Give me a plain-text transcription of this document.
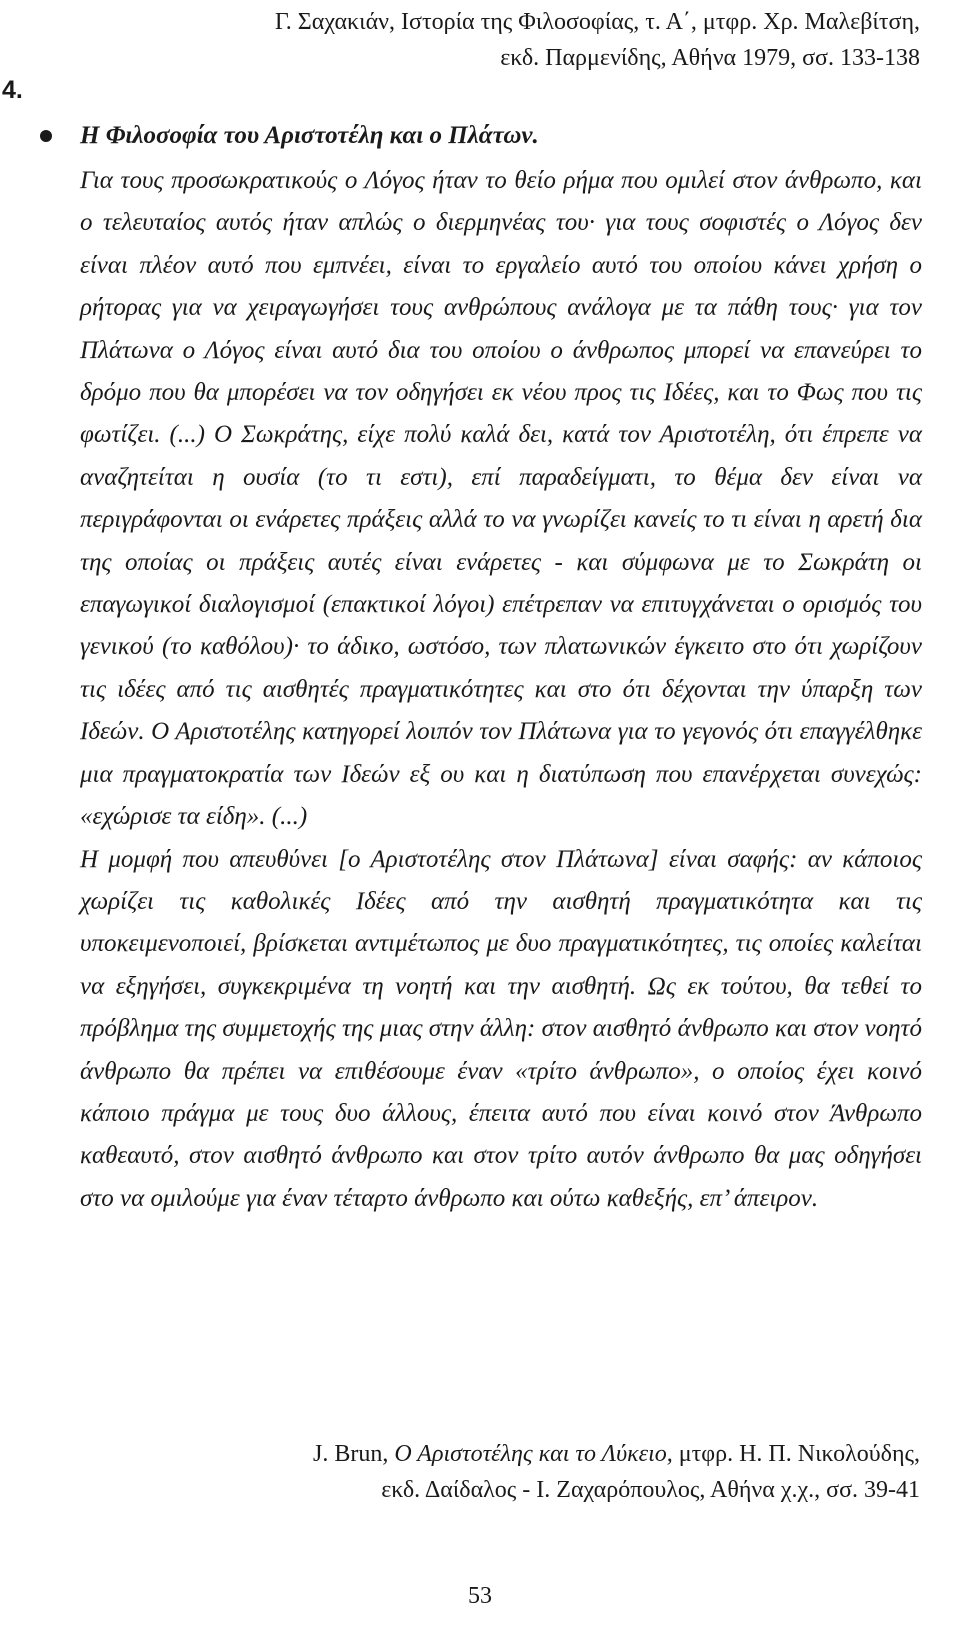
Γ. Σαχακιάν, Ιστορία της Φιλοσοφίας, τ. Α΄, μτφρ. Χρ. Μαλεβίτση,
εκδ. Παρμενίδης, Αθήνα 1979, σσ. 133-138
4.
Η Φιλοσοφία του Αριστοτέλη και ο Πλάτων.

Για τους προσωκρατικούς ο Λόγος ήταν το θείο ρήμα που ομιλεί στον άνθρωπο, και ο τελευταίος αυτός ήταν απλώς ο διερμηνέας του· για τους σοφιστές ο Λόγος δεν είναι πλέον αυτό που εμπνέει, είναι το εργαλείο αυτό του οποίου κάνει χρήση ο ρήτορας για να χειραγωγήσει τους ανθρώπους ανάλογα με τα πάθη τους· για τον Πλάτωνα ο Λόγος είναι αυτό δια του οποίου ο άνθρωπος μπορεί να επανεύρει το δρόμο που θα μπορέσει να τον οδηγήσει εκ νέου προς τις Ιδέες, και το Φως που τις φωτίζει. (...) Ο Σωκράτης, είχε πολύ καλά δει, κατά τον Αριστοτέλη, ότι έπρεπε να αναζητείται η ουσία (το τι εστι), επί παραδείγματι, το θέμα δεν είναι να περιγράφονται οι ενάρετες πράξεις αλλά το να γνωρίζει κανείς το τι είναι η αρετή δια της οποίας οι πράξεις αυτές είναι ενάρετες - και σύμφωνα με το Σωκράτη οι επαγωγικοί διαλογισμοί (επακτικοί λόγοι) επέτρεπαν να επιτυγχάνεται ο ορισμός του γενικού (το καθόλου)· το άδικο, ωστόσο, των πλατωνικών έγκειτο στο ότι χωρίζουν τις ιδέες από τις αισθητές πραγματικότητες και στο ότι δέχονται την ύπαρξη των Ιδεών. Ο Αριστοτέλης κατηγορεί λοιπόν τον Πλάτωνα για το γεγονός ότι επαγγέλθηκε μια πραγματοκρατία των Ιδεών εξ ου και η διατύπωση που επανέρχεται συνεχώς: «εχώρισε τα είδη». (...)

Η μομφή που απευθύνει [ο Αριστοτέλης στον Πλάτωνα] είναι σαφής: αν κάποιος χωρίζει τις καθολικές Ιδέες από την αισθητή πραγματικότητα και τις υποκειμενοποιεί, βρίσκεται αντιμέτωπος με δυο πραγματικότητες, τις οποίες καλείται να εξηγήσει, συγκεκριμένα τη νοητή και την αισθητή. Ως εκ τούτου, θα τεθεί το πρόβλημα της συμμετοχής της μιας στην άλλη: στον αισθητό άνθρωπο και στον νοητό άνθρωπο θα πρέπει να επιθέσουμε έναν «τρίτο άνθρωπο», ο οποίος έχει κοινό κάποιο πράγμα με τους δυο άλλους, έπειτα αυτό που είναι κοινό στον Άνθρωπο καθεαυτό, στον αισθητό άνθρωπο και στον τρίτο αυτόν άνθρωπο θα μας οδηγήσει στο να ομιλούμε για έναν τέταρτο άνθρωπο και ούτω καθεξής, επ’ άπειρον.

J. Brun, Ο Αριστοτέλης και το Λύκειο, μτφρ. Η. Π. Νικολούδης,
εκδ. Δαίδαλος - Ι. Ζαχαρόπουλος, Αθήνα χ.χ., σσ. 39-41
53
